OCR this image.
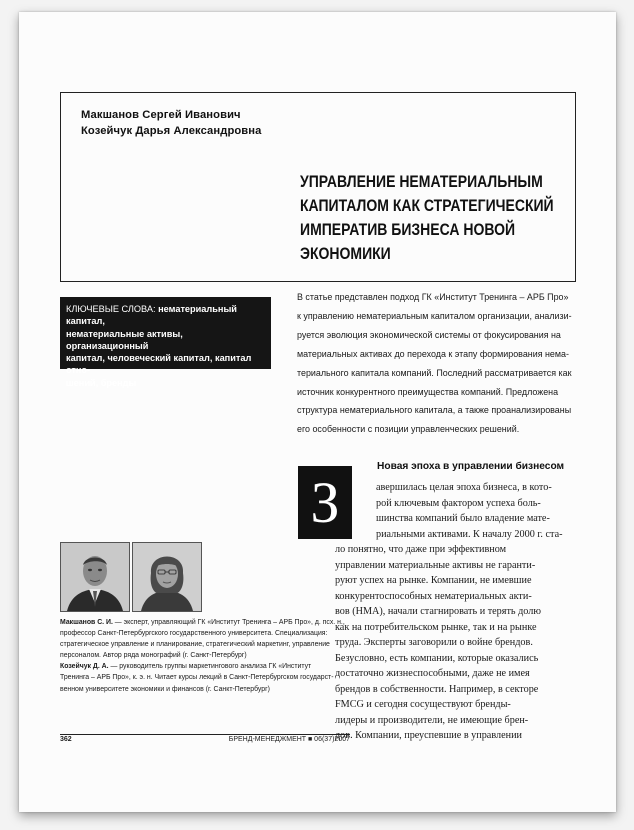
Макшанов Сергей Иванович
Козейчук Дарья Александровна
УПРАВЛЕНИЕ НЕМАТЕРИАЛЬНЫМ
КАПИТАЛОМ КАК СТРАТЕГИЧЕСКИЙ
ИМПЕРАТИВ БИЗНЕСА НОВОЙ
ЭКОНОМИКИ
КЛЮЧЕВЫЕ СЛОВА: нематериальный капитал,
нематериальные активы, организационный
капитал, человеческий капитал, капитал отно-
шений, бренды
В статье представлен подход ГК «Институт Тренинга – АРБ Про»
к управлению нематериальным капиталом организации, анализи-
руется эволюция экономической системы от фокусирования на
материальных активах до перехода к этапу формирования нема-
териального капитала компаний. Последний рассматривается как
источник конкурентного преимущества компаний. Предложена
структура нематериального капитала, а также проанализированы
его особенности с позиции управленческих решений.
З
Новая эпоха в управлении бизнесом
авершилась целая эпоха бизнеса, в кото-
рой ключевым фактором успеха боль-
шинства компаний было владение мате-
риальными активами. К началу 2000 г. ста-
ло понятно, что даже при эффективном
управлении материальные активы не гаранти-
руют успех на рынке. Компании, не имевшие
конкурентоспособных нематериальных акти-
вов (НМА), начали стагнировать и терять долю
как на потребительском рынке, так и на рынке
труда. Эксперты заговорили о войне брендов.
Безусловно, есть компании, которые оказались
достаточно жизнеспособными, даже не имея
брендов в собственности. Например, в секторе
FMCG и сегодня сосуществуют бренды-
лидеры и производители, не имеющие брен-
дов. Компании, преуспевшие в управлении
Макшанов С. И. — эксперт, управляющий ГК «Институт Тренинга – АРБ Про», д. псх. н.,
профессор Санкт-Петербургского государственного университета. Специализация:
стратегическое управление и планирование, стратегический маркетинг, управление
персоналом. Автор ряда монографий (г. Санкт-Петербург)
Козейчук Д. А. — руководитель группы маркетингового анализа ГК «Институт
Тренинга – АРБ Про», к. э. н. Читает курсы лекций в Санкт-Петербургском государст-
венном университете экономики и финансов (г. Санкт-Петербург)
362	БРЕНД-МЕНЕДЖМЕНТ ■ 06(37)2007
